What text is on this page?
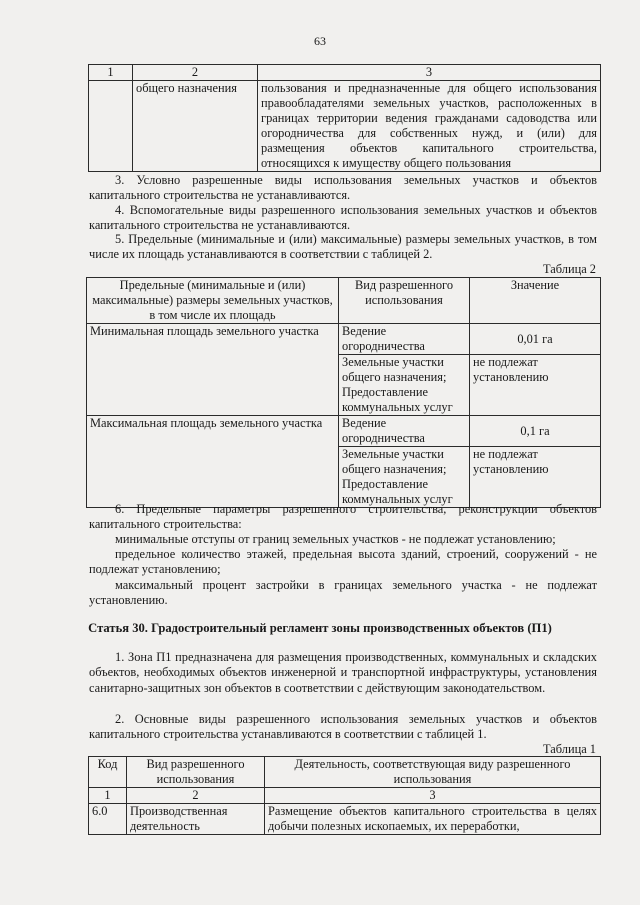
63
1	2	3
	общего назначения	пользования и предназначенные для общего использования правообладателями земельных участков, расположенных в границах территории ведения гражданами садоводства или огородничества для собственных нужд, и (или) для размещения объектов капитального строительства, относящихся к имуществу общего пользования

3. Условно разрешенные виды использования земельных участков и объектов капитального строительства не устанавливаются.

4. Вспомогательные виды разрешенного использования земельных участков и объектов капитального строительства не устанавливаются.

5. Предельные (минимальные и (или) максимальные) размеры земельных участков, в том числе их площадь устанавливаются в соответствии с таблицей 2.

Таблица 2
Предельные (минимальные и (или) максимальные) размеры земельных участков, в том числе их площадь	Вид разрешенного использования	Значение
Минимальная площадь земельного участка	Ведение огородничества	0,01 га
	Земельные участки общего назначения; Предоставление коммунальных услуг	не подлежат установлению
Максимальная площадь земельного участка	Ведение огородничества	0,1 га
	Земельные участки общего назначения; Предоставление коммунальных услуг	не подлежат установлению

6. Предельные параметры разрешенного строительства, реконструкции объектов капитального строительства:

минимальные отступы от границ земельных участков - не подлежат установлению;

предельное количество этажей, предельная высота зданий, строений, сооружений - не подлежат установлению;

максимальный процент застройки в границах земельного участка - не подлежат установлению.

Статья 30. Градостроительный регламент зоны производственных объектов (П1)

1. Зона П1 предназначена для размещения производственных, коммунальных и складских объектов, необходимых объектов инженерной и транспортной инфраструктуры, установления санитарно-защитных зон объектов в соответствии с действующим законодательством.

2. Основные виды разрешенного использования земельных участков и объектов капитального строительства устанавливаются в соответствии с таблицей 1.

Таблица 1
Код	Вид разрешенного использования	Деятельность, соответствующая виду разрешенного использования
1	2	3
6.0	Производственная деятельность	Размещение объектов капитального строительства в целях добычи полезных ископаемых, их переработки,
